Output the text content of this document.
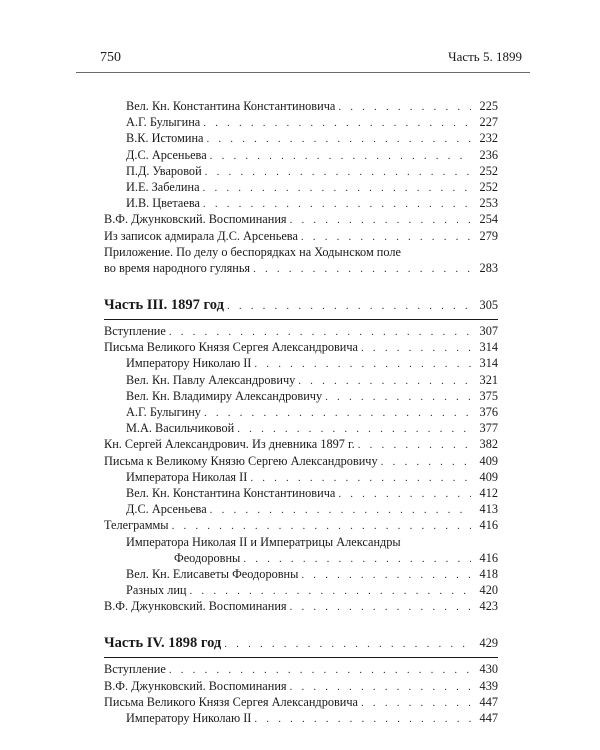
750	Часть 5. 1899
Вел. Кн. Константина Константиновича . . .	225
А.Г. Булыгина . . .	227
В.К. Истомина . . .	232
Д.С. Арсеньева . . .	236
П.Д. Уваровой . . .	252
И.Е. Забелина . . .	252
И.В. Цветаева . . .	253
В.Ф. Джунковский. Воспоминания . . .	254
Из записок адмирала Д.С. Арсеньева . . .	279
Приложение. По делу о беспорядках на Ходынском поле
во время народного гулянья . . .	283
Часть III. 1897 год . . .	305
Вступление . . .	307
Письма Великого Князя Сергея Александровича . . .	314
Императору Николаю II . . .	314
Вел. Кн. Павлу Александровичу . . .	321
Вел. Кн. Владимиру Александровичу . . .	375
А.Г. Булыгину . . .	376
М.А. Васильчиковой . . .	377
Кн. Сергей Александрович. Из дневника 1897 г. . . .	382
Письма к Великому Князю Сергею Александровичу . . .	409
Императора Николая II . . .	409
Вел. Кн. Константина Константиновича . . .	412
Д.С. Арсеньева . . .	413
Телеграммы . . .	416
Императора Николая II и Императрицы Александры
Феодоровны . . .	416
Вел. Кн. Елисаветы Феодоровны . . .	418
Разных лиц . . .	420
В.Ф. Джунковский. Воспоминания . . .	423
Часть IV. 1898 год . . .	429
Вступление . . .	430
В.Ф. Джунковский. Воспоминания . . .	439
Письма Великого Князя Сергея Александровича . . .	447
Императору Николаю II . . .	447
